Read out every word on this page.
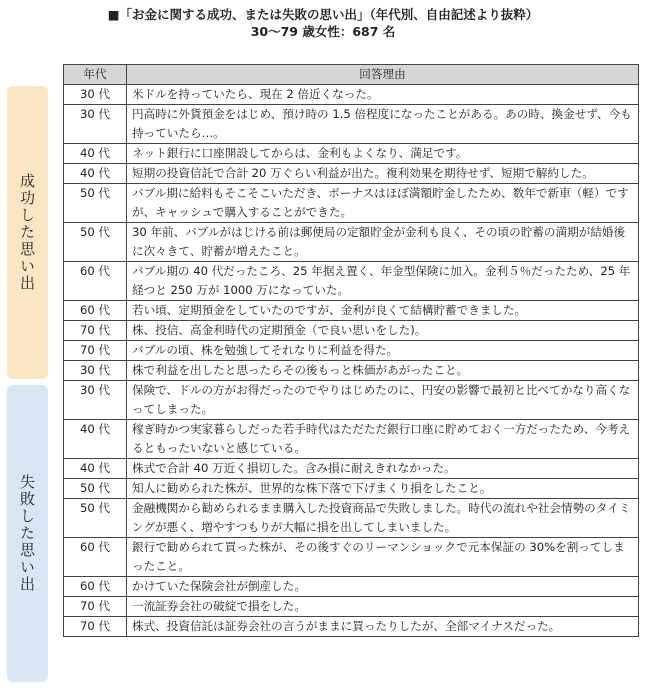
■「お金に関する成功、または失敗の思い出」（年代別、自由記述より抜粋）
30〜79 歳女性：687 名
成功した思い出
失敗した思い出
年代	回答理由
30 代	米ドルを持っていたら、現在 2 倍近くなった。
30 代	円高時に外貨預金をはじめ、預け時の 1.5 倍程度になったことがある。あの時、換金せず、今も持っていたら…。
40 代	ネット銀行に口座開設してからは、金利もよくなり、満足です。
40 代	短期の投資信託で合計 20 万ぐらい利益が出た。複利効果を期待せず、短期で解約した。
50 代	バブル期に給料もそこそこいただき、ボーナスはほぼ満額貯金したため、数年で新車（軽）ですが、キャッシュで購入することができた。
50 代	30 年前、バブルがはじける前は郵便局の定額貯金が金利も良く、その頃の貯蓄の満期が結婚後に次々きて、貯蓄が増えたこと。
60 代	バブル期の 40 代だったころ、25 年据え置く、年金型保険に加入。金利５％だったため、25 年経つと 250 万が 1000 万になっていた。
60 代	若い頃、定期預金をしていたのですが、金利が良くて結構貯蓄できました。
70 代	株、投信、高金利時代の定期預金（で良い思いをした)。
70 代	バブルの頃、株を勉強してそれなりに利益を得た。
30 代	株で利益を出したと思ったらその後もっと株価があがったこと。
30 代	保険で、ドルの方がお得だったのでやりはじめたのに、円安の影響で最初と比べてかなり高くなってしまった。
40 代	稼ぎ時かつ実家暮らしだった若手時代はただただ銀行口座に貯めておく一方だったため、今考えるともったいないと感じている。
40 代	株式で合計 40 万近く損切した。含み損に耐えきれなかった。
50 代	知人に勧められた株が、世界的な株下落で下げまくり損をしたこと。
50 代	金融機関から勧められるまま購入した投資商品で失敗しました。時代の流れや社会情勢のタイミングが悪く、増やすつもりが大幅に損を出してしまいました。
60 代	銀行で勧められて買った株が、その後すぐのリーマンショックで元本保証の 30%を割ってしまったこと。
60 代	かけていた保険会社が倒産した。
70 代	一流証券会社の破綻で損をした。
70 代	株式、投資信託は証券会社の言うがままに買ったりしたが、全部マイナスだった。
